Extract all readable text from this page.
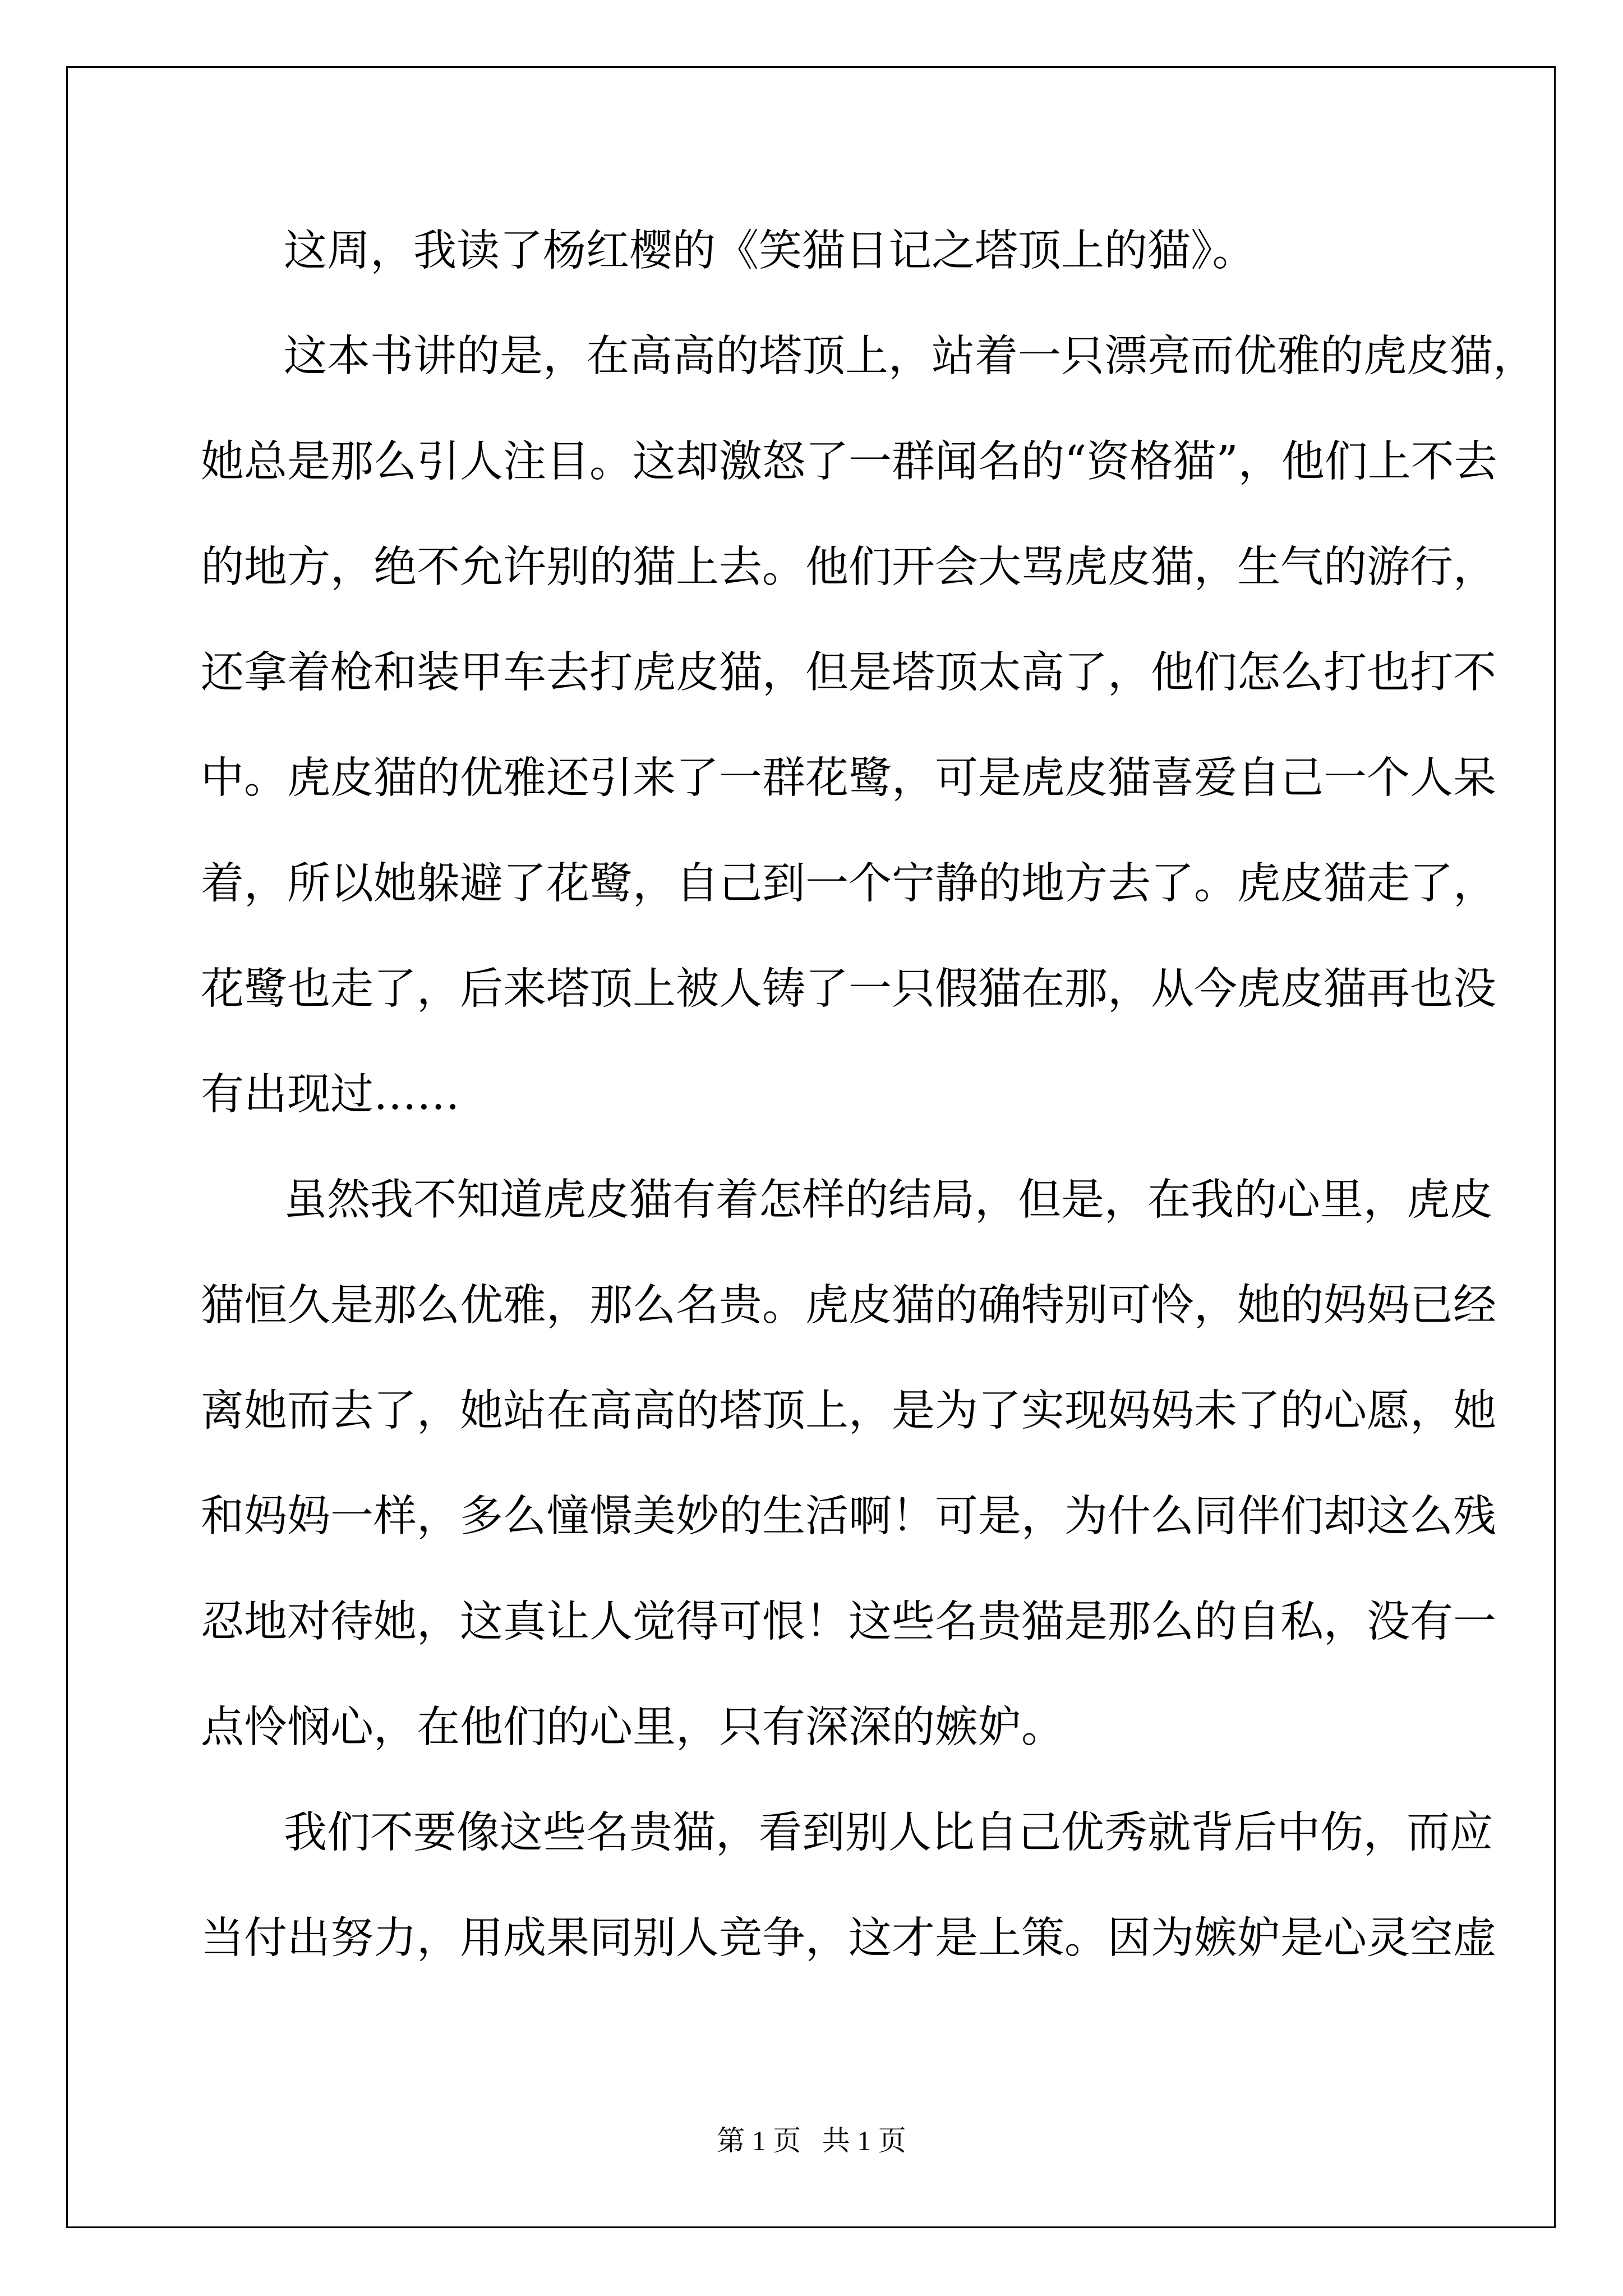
这周，我读了杨红樱的《笑猫日记之塔顶上的猫》。
这本书讲的是，在高高的塔顶上，站着一只漂亮而优雅的虎皮猫，
她总是那么引人注目。这却激怒了一群闻名的“资格猫”，他们上不去
的地方，绝不允许别的猫上去。他们开会大骂虎皮猫，生气的游行，
还拿着枪和装甲车去打虎皮猫，但是塔顶太高了，他们怎么打也打不
中。虎皮猫的优雅还引来了一群花鹭，可是虎皮猫喜爱自己一个人呆
着，所以她躲避了花鹭，自己到一个宁静的地方去了。虎皮猫走了，
花鹭也走了，后来塔顶上被人铸了一只假猫在那，从今虎皮猫再也没
有出现过……
虽然我不知道虎皮猫有着怎样的结局，但是，在我的心里，虎皮
猫恒久是那么优雅，那么名贵。虎皮猫的确特别可怜，她的妈妈已经
离她而去了，她站在高高的塔顶上，是为了实现妈妈未了的心愿，她
和妈妈一样，多么憧憬美妙的生活啊！可是，为什么同伴们却这么残
忍地对待她，这真让人觉得可恨！这些名贵猫是那么的自私，没有一
点怜悯心，在他们的心里，只有深深的嫉妒。
我们不要像这些名贵猫，看到别人比自己优秀就背后中伤，而应
当付出努力，用成果同别人竞争，这才是上策。因为嫉妒是心灵空虚
第 1 页   共 1 页
